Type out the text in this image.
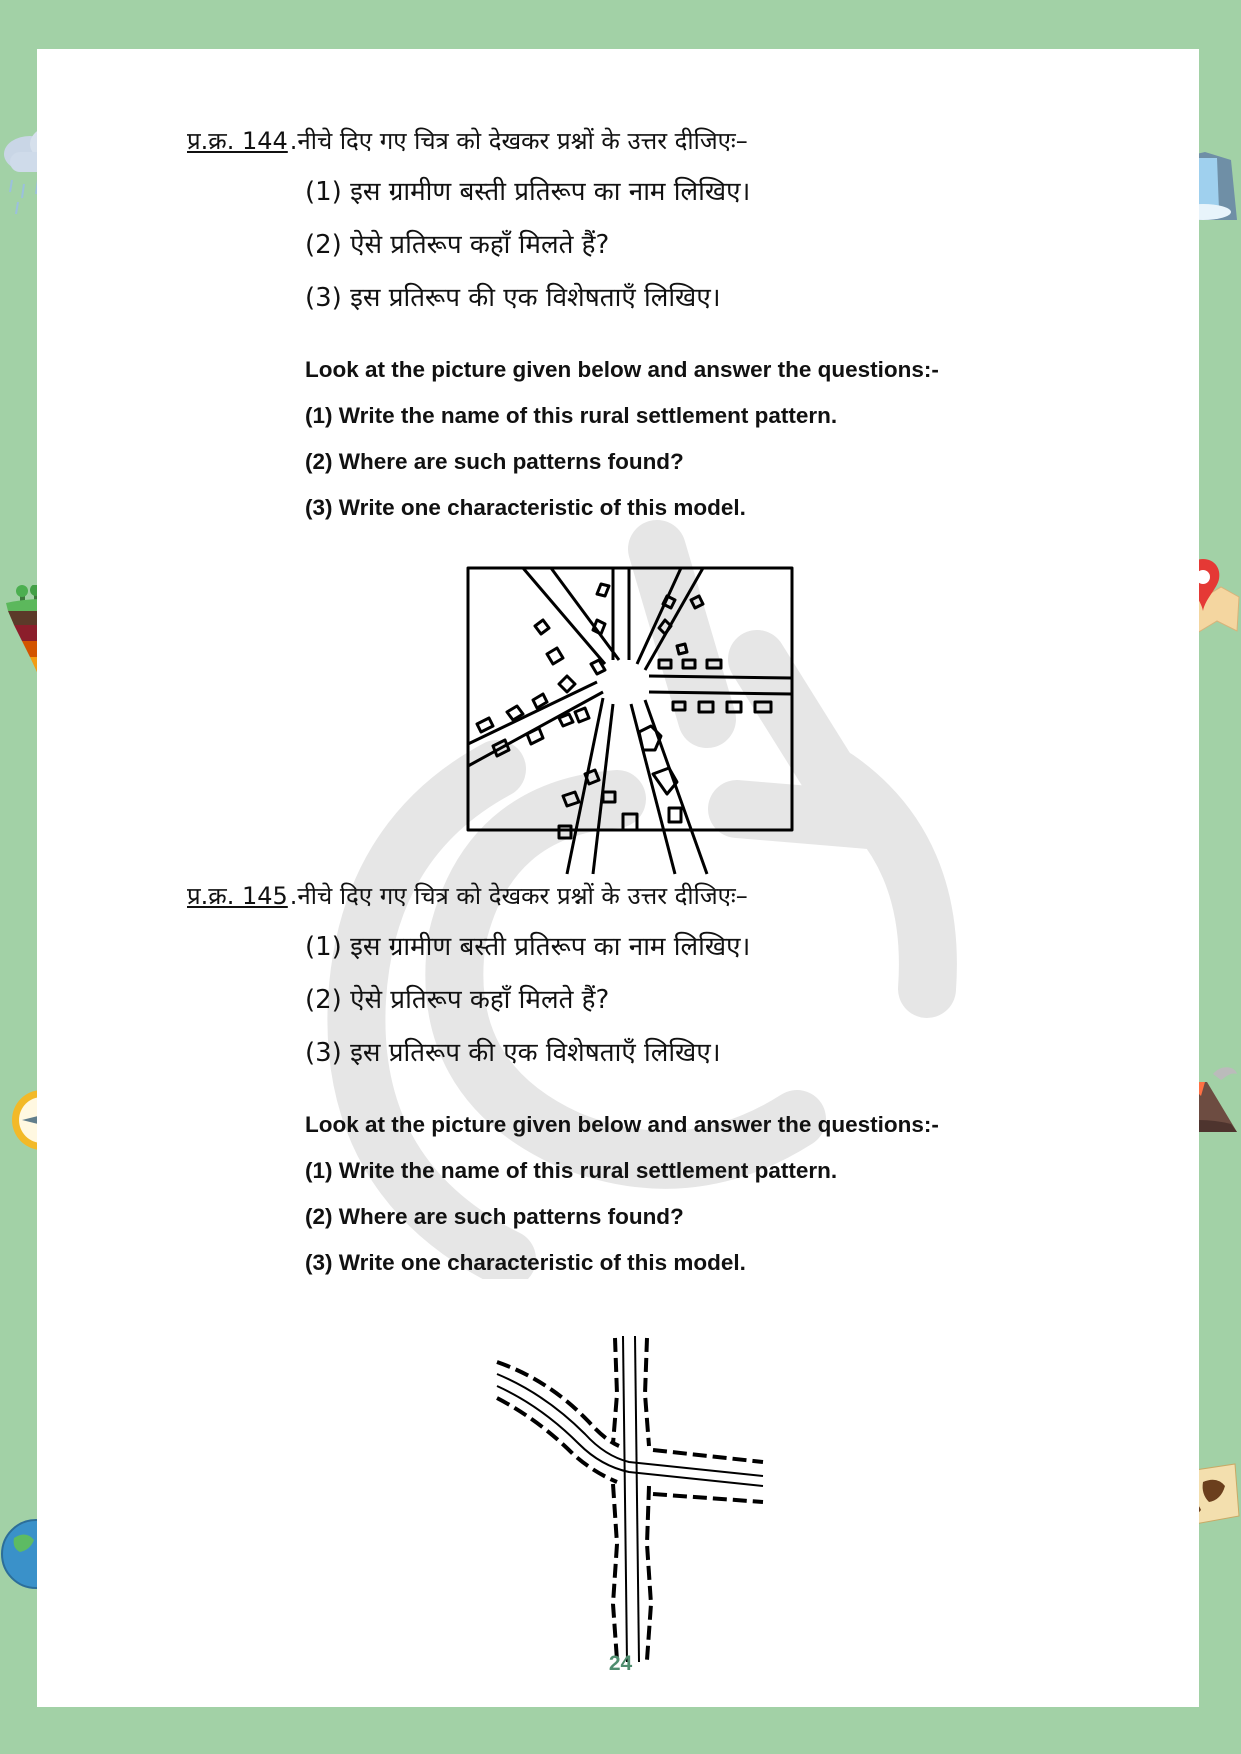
प्र.क्र. 144.नीचे दिए गए चित्र को देखकर प्रश्नों के उत्तर दीजिएः–
(1) इस ग्रामीण बस्ती प्रतिरूप का नाम लिखिए।
(2) ऐसे प्रतिरूप कहाँ मिलते हैं?
(3) इस प्रतिरूप की एक विशेषताएँ लिखिए।
Look at the picture given below and answer the questions:-
(1) Write the name of this rural settlement pattern.
(2) Where are such patterns found?
(3) Write one characteristic of this model.
प्र.क्र. 145.नीचे दिए गए चित्र को देखकर प्रश्नों के उत्तर दीजिएः–
(1) इस ग्रामीण बस्ती प्रतिरूप का नाम लिखिए।
(2) ऐसे प्रतिरूप कहाँ मिलते हैं?
(3) इस प्रतिरूप की एक विशेषताएँ लिखिए।
Look at the picture given below and answer the questions:-
(1) Write the name of this rural settlement pattern.
(2) Where are such patterns found?
(3) Write one characteristic of this model.
24
